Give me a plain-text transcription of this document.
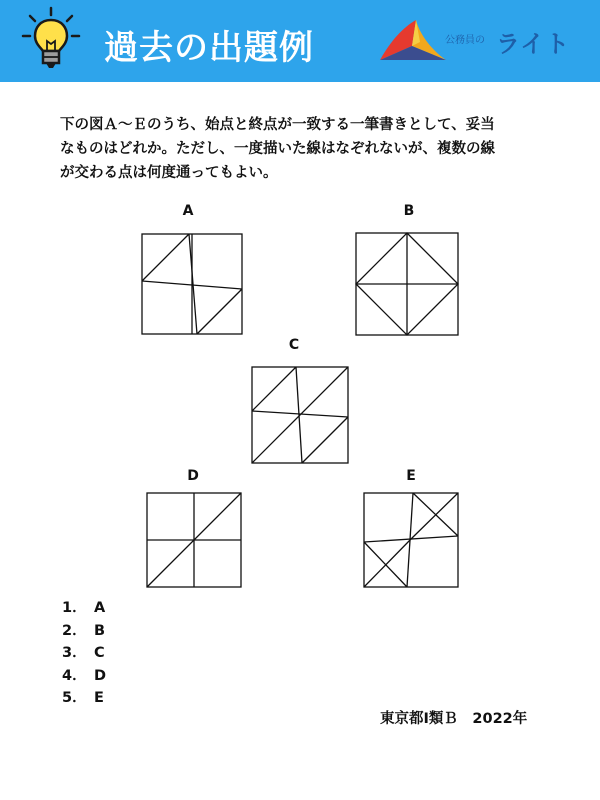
過去の出題例	公務員の ライト
下の図Ａ～Ｅのうち、始点と終点が一致する一筆書きとして、妥当
なものはどれか。ただし、一度描いた線はなぞれないが、複数の線
が交わる点は何度通ってもよい。
A	B
C
D	E
1． A
2． B
3． C
4． D
5． E
東京都Ⅰ類Ｂ　2022年
